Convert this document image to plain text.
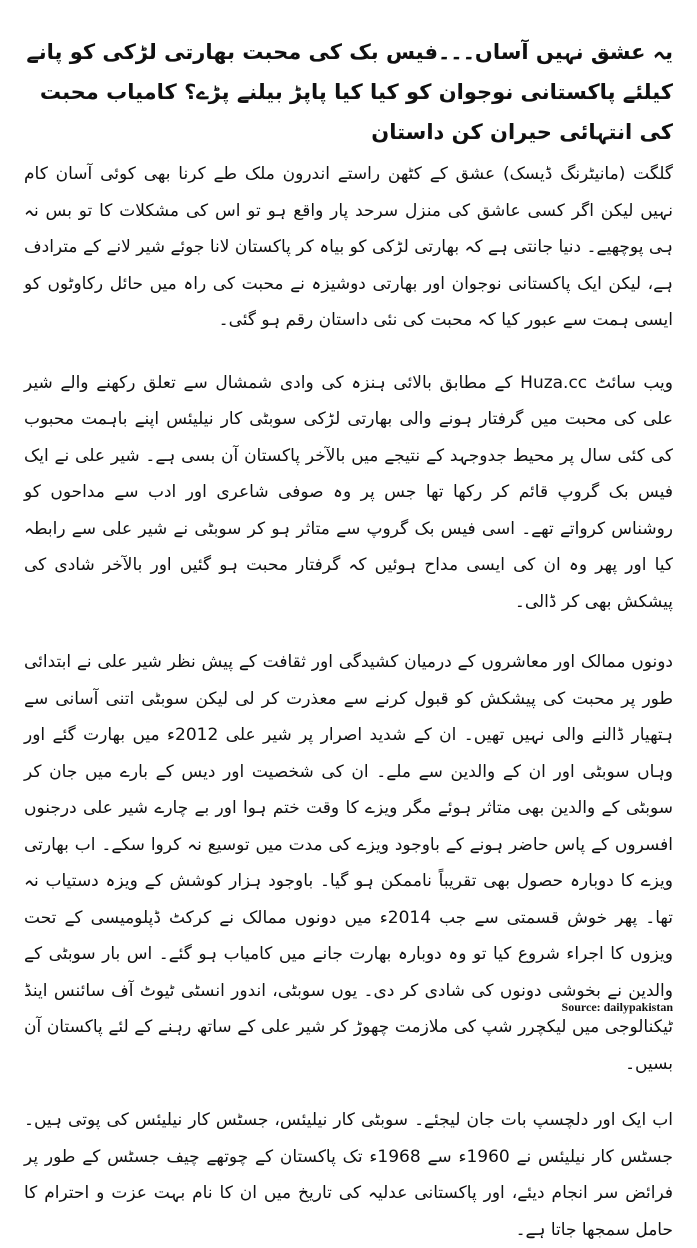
یہ عشق نہیں آساں۔۔۔فیس بک کی محبت بھارتی لڑکی کو پانے کیلئے پاکستانی نوجوان کو کیا کیا پاپڑ بیلنے پڑے؟ کامیاب محبت کی انتہائی حیران کن داستان

گلگت (مانیٹرنگ ڈیسک) عشق کے کٹھن راستے اندرون ملک طے کرنا بھی کوئی آسان کام نہیں لیکن اگر کسی عاشق کی منزل سرحد پار واقع ہو تو اس کی مشکلات کا تو بس نہ ہی پوچھیے۔ دنیا جانتی ہے کہ بھارتی لڑکی کو بیاہ کر پاکستان لانا جوئے شیر لانے کے مترادف ہے، لیکن ایک پاکستانی نوجوان اور بھارتی دوشیزہ نے محبت کی راہ میں حائل رکاوٹوں کو ایسی ہمت سے عبور کیا کہ محبت کی نئی داستان رقم ہو گئی۔

ویب سائٹ Huza.cc کے مطابق بالائی ہنزہ کی وادی شمشال سے تعلق رکھنے والے شیر علی کی محبت میں گرفتار ہونے والی بھارتی لڑکی سوبٹی کار نیلیئس اپنے باہمت محبوب کی کئی سال پر محیط جدوجہد کے نتیجے میں بالآخر پاکستان آن بسی ہے۔ شیر علی نے ایک فیس بک گروپ قائم کر رکھا تھا جس پر وہ صوفی شاعری اور ادب سے مداحوں کو روشناس کرواتے تھے۔ اسی فیس بک گروپ سے متاثر ہو کر سوبٹی نے شیر علی سے رابطہ کیا اور پھر وہ ان کی ایسی مداح ہوئیں کہ گرفتار محبت ہو گئیں اور بالآخر شادی کی پیشکش بھی کر ڈالی۔

دونوں ممالک اور معاشروں کے درمیان کشیدگی اور ثقافت کے پیش نظر شیر علی نے ابتدائی طور پر محبت کی پیشکش کو قبول کرنے سے معذرت کر لی لیکن سوبٹی اتنی آسانی سے ہتھیار ڈالنے والی نہیں تھیں۔ ان کے شدید اصرار پر شیر علی 2012ء میں بھارت گئے اور وہاں سوبٹی اور ان کے والدین سے ملے۔ ان کی شخصیت اور دیس کے بارے میں جان کر سوبٹی کے والدین بھی متاثر ہوئے مگر ویزے کا وقت ختم ہوا اور بے چارے شیر علی درجنوں افسروں کے پاس حاضر ہونے کے باوجود ویزے کی مدت میں توسیع نہ کروا سکے۔ اب بھارتی ویزے کا دوبارہ حصول بھی تقریباً ناممکن ہو گیا۔ باوجود ہزار کوشش کے ویزہ دستیاب نہ تھا۔ پھر خوش قسمتی سے جب 2014ء میں دونوں ممالک نے کرکٹ ڈپلومیسی کے تحت ویزوں کا اجراء شروع کیا تو وہ دوبارہ بھارت جانے میں کامیاب ہو گئے۔ اس بار سوبٹی کے والدین نے بخوشی دونوں کی شادی کر دی۔ یوں سوبٹی، اندور انسٹی ٹیوٹ آف سائنس اینڈ ٹیکنالوجی میں لیکچرر شپ کی ملازمت چھوڑ کر شیر علی کے ساتھ رہنے کے لئے پاکستان آن بسیں۔

اب ایک اور دلچسپ بات جان لیجئے۔ سوبٹی کار نیلیئس، جسٹس کار نیلیئس کی پوتی ہیں۔ جسٹس کار نیلیئس نے 1960ء سے 1968ء تک پاکستان کے چوتھے چیف جسٹس کے طور پر فرائض سر انجام دیئے، اور پاکستانی عدلیہ کی تاریخ میں ان کا نام بہت عزت و احترام کا حامل سمجھا جاتا ہے۔

Source: dailypakistan
